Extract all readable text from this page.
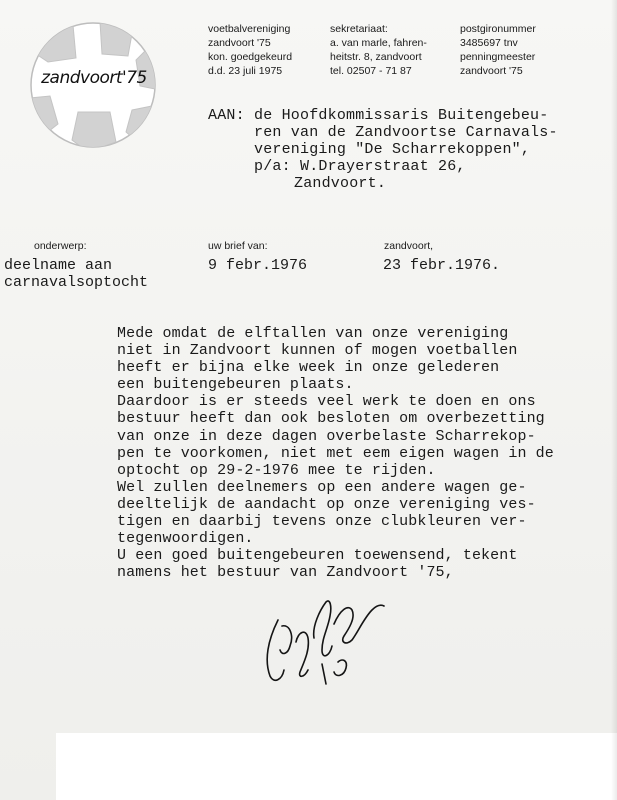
zandvoort'75
voetbalvereniging
zandvoort '75
kon. goedgekeurd
d.d. 23 juli 1975
sekretariaat:
a. van marle, fahren-
heitstr. 8, zandvoort
tel. 02507 - 71 87
postgironummer
3485697 tnv
penningmeester
zandvoort '75
AAN: de Hoofdkommissaris Buitengebeu-
ren van de Zandvoortse Carnavals-
vereniging "De Scharrekoppen",
p/a: W.Drayerstraat 26,
Zandvoort.
onderwerp:	uw brief van:	zandvoort,
deelname aan
carnavalsoptocht
9 febr.1976	23 febr.1976.
Mede omdat de elftallen van onze vereniging
niet in Zandvoort kunnen of mogen voetballen
heeft er bijna elke week in onze gelederen
een buitengebeuren plaats.
Daardoor is er steeds veel werk te doen en ons
bestuur heeft dan ook besloten om overbezetting
van onze in deze dagen overbelaste Scharrekop-
pen te voorkomen, niet met eem eigen wagen in de
optocht op 29-2-1976 mee te rijden.
Wel zullen deelnemers op een andere wagen ge-
deeltelijk de aandacht op onze vereniging ves-
tigen en daarbij tevens onze clubkleuren ver-
tegenwoordigen.
U een goed buitengebeuren toewensend, tekent
namens het bestuur van Zandvoort '75,
